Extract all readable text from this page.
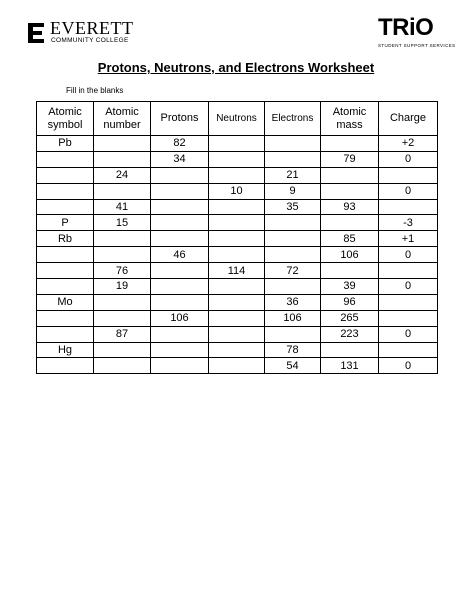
EVERETT
COMMUNITY COLLEGE	TRiO
STUDENT SUPPORT SERVICES
Protons, Neutrons, and Electrons Worksheet
Fill in the blanks
Atomic
symbol	Atomic
number	Protons	Neutrons	Electrons	Atomic
mass	Charge
Pb		82				+2
		34			79	0
	24			21		
			10	9		0
	41			35	93	
P	15					-3
Rb					85	+1
		46			106	0
	76		114	72		
	19				39	0
Mo				36	96	
		106		106	265	
	87				223	0
Hg				78		
				54	131	0
